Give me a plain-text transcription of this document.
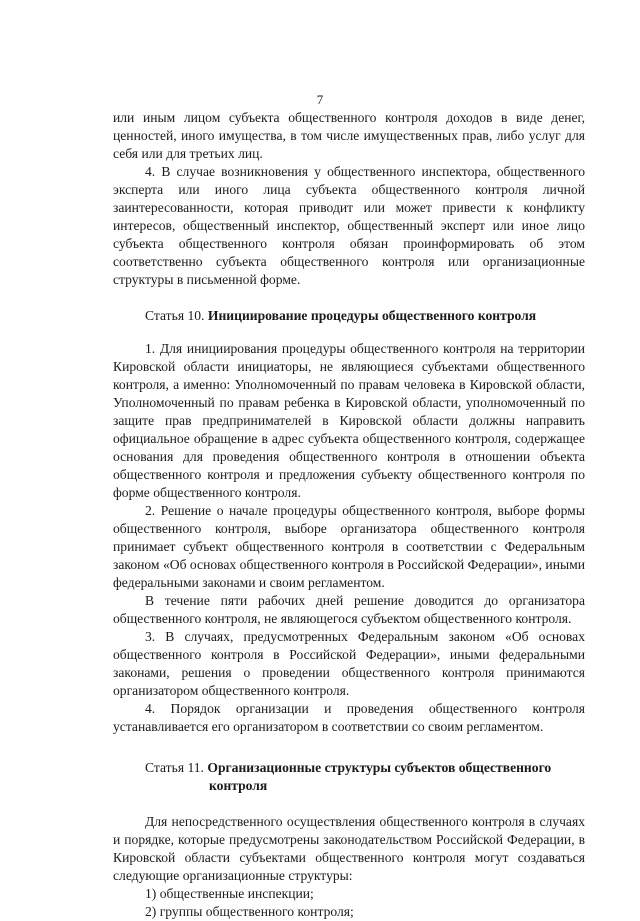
7

или иным лицом субъекта общественного контроля доходов в виде денег, ценностей, иного имущества, в том числе имущественных прав, либо услуг для себя или для третьих лиц.

4. В случае возникновения у общественного инспектора, общественного эксперта или иного лица субъекта общественного контроля личной заинтересованности, которая приводит или может привести к конфликту интересов, общественный инспектор, общественный эксперт или иное лицо субъекта общественного контроля обязан проинформировать об этом соответственно субъекта общественного контроля или организационные структуры в письменной форме.

Статья 10. Инициирование процедуры общественного контроля

1. Для инициирования процедуры общественного контроля на территории Кировской области инициаторы, не являющиеся субъектами общественного контроля, а именно: Уполномоченный по правам человека в Кировской области, Уполномоченный по правам ребенка в Кировской области, уполномоченный по защите прав предпринимателей в Кировской области должны направить официальное обращение в адрес субъекта общественного контроля, содержащее основания для проведения общественного контроля в отношении объекта общественного контроля и предложения субъекту общественного контроля по форме общественного контроля.

2. Решение о начале процедуры общественного контроля, выборе формы общественного контроля, выборе организатора общественного контроля принимает субъект общественного контроля в соответствии с Федеральным законом «Об основах общественного контроля в Российской Федерации», иными федеральными законами и своим регламентом.

В течение пяти рабочих дней решение доводится до организатора общественного контроля, не являющегося субъектом общественного контроля.

3. В случаях, предусмотренных Федеральным законом «Об основах общественного контроля в Российской Федерации», иными федеральными законами, решения о проведении общественного контроля принимаются организатором общественного контроля.

4. Порядок организации и проведения общественного контроля устанавливается его организатором в соответствии со своим регламентом.

Статья 11. Организационные структуры субъектов общественного
контроля

Для непосредственного осуществления общественного контроля в случаях и порядке, которые предусмотрены законодательством Российской Федерации, в Кировской области субъектами общественного контроля могут создаваться следующие организационные структуры:

1) общественные инспекции;

2) группы общественного контроля;
